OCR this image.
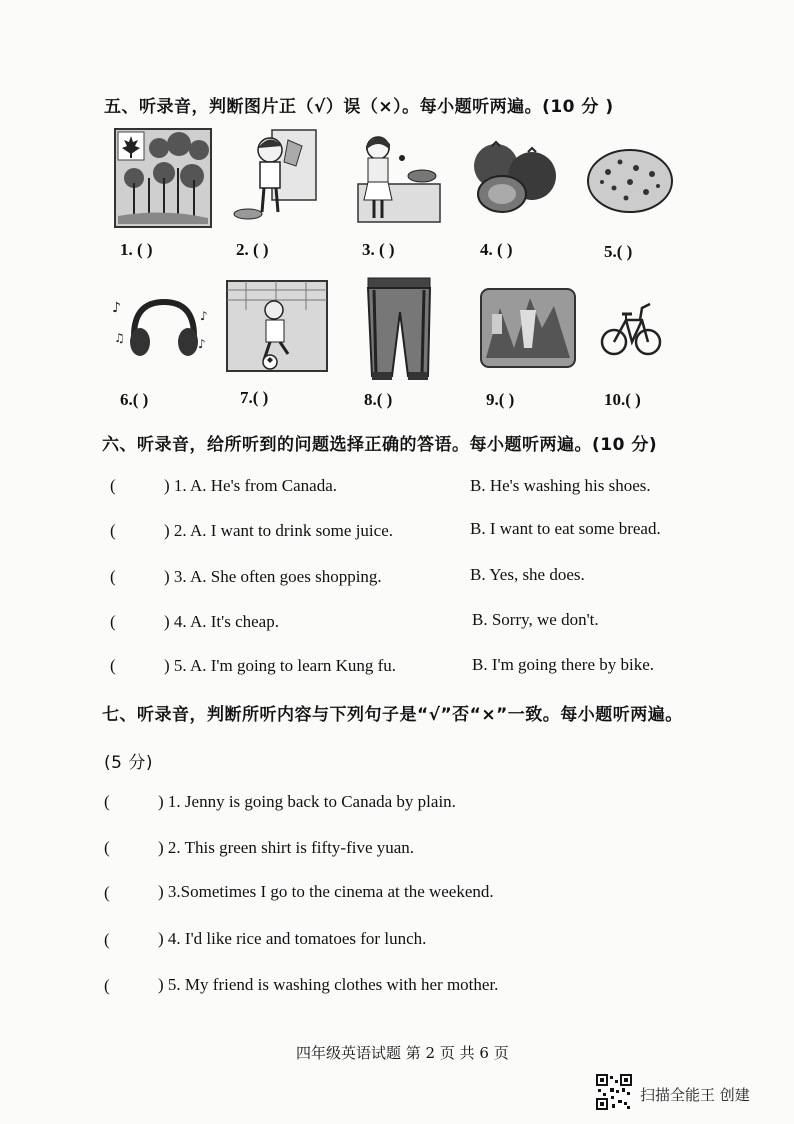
五、听录音，判断图片正（√）误（×）。每小题听两遍。(10 分 )
1. ( )	2. ( )	3. ( )	4. ( )	5.( )
♪
♫
♪
♪
6.( )	7.( )	8.( )	9.( )	10.( )
六、听录音，给所听到的问题选择正确的答语。每小题听两遍。(10 分)
(	) 1. A. He's from Canada.	B. He's washing his shoes.
(	) 2. A. I want to drink some juice.	B. I want to eat some bread.
(	) 3. A. She often goes shopping.	B. Yes, she does.
(	) 4. A. It's cheap.	B. Sorry, we don't.
(	) 5. A. I'm going to learn Kung fu.	B. I'm going there by bike.
七、听录音，判断所听内容与下列句子是“√”否“×”一致。每小题听两遍。
(5 分)
(	) 1. Jenny is going back to Canada by plain.
(	) 2. This green shirt is fifty-five yuan.
(	) 3.Sometimes I go to the cinema at the weekend.
(	) 4. I'd like rice and tomatoes for lunch.
(	) 5. My friend is washing clothes with her mother.
四年级英语试题 第 2 页 共 6 页
扫描全能王 创建
